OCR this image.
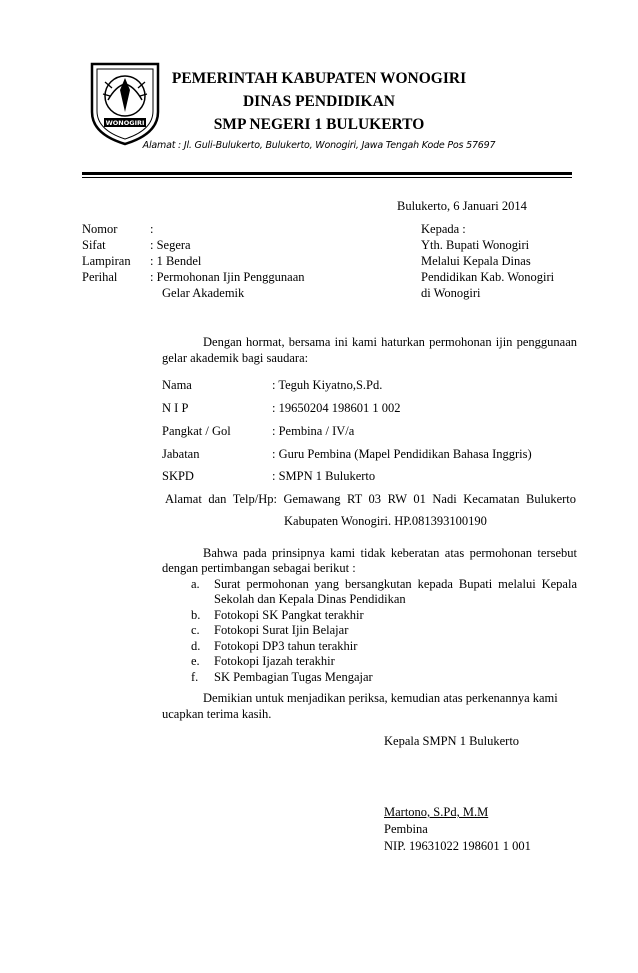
WONOGIRI
PEMERINTAH KABUPATEN WONOGIRI
DINAS PENDIDIKAN
SMP NEGERI 1 BULUKERTO
Alamat : Jl. Guli-Bulukerto, Bulukerto, Wonogiri, Jawa Tengah Kode Pos 57697
Bulukerto, 6 Januari 2014
Nomor	:
Sifat	: Segera
Lampiran : 1 Bendel
Perihal	: Permohonan Ijin Penggunaan
Gelar Akademik
Kepada :
Yth. Bupati Wonogiri
Melalui Kepala Dinas
Pendidikan Kab. Wonogiri
di Wonogiri
Dengan hormat, bersama ini kami haturkan permohonan ijin penggunaan
gelar akademik bagi saudara:
Nama	: Teguh Kiyatno,S.Pd.
N I P	: 19650204 198601 1 002
Pangkat / Gol	: Pembina / IV/a
Jabatan	: Guru Pembina (Mapel Pendidikan Bahasa Inggris)
SKPD	: SMPN 1 Bulukerto
Alamat dan Telp/Hp: Gemawang RT 03 RW 01 Nadi Kecamatan Bulukerto
Kabupaten Wonogiri. HP.081393100190
Bahwa pada prinsipnya kami tidak keberatan atas permohonan tersebut
dengan pertimbangan sebagai berikut :
a. Surat permohonan yang bersangkutan kepada Bupati melalui Kepala
Sekolah dan Kepala Dinas Pendidikan
b. Fotokopi SK Pangkat terakhir
c. Fotokopi Surat Ijin Belajar
d. Fotokopi DP3 tahun terakhir
e. Fotokopi Ijazah terakhir
f. SK Pembagian Tugas Mengajar
Demikian untuk menjadikan periksa, kemudian atas perkenannya kami
ucapkan terima kasih.
Kepala SMPN 1 Bulukerto
Martono, S.Pd, M.M
Pembina
NIP. 19631022 198601 1 001
